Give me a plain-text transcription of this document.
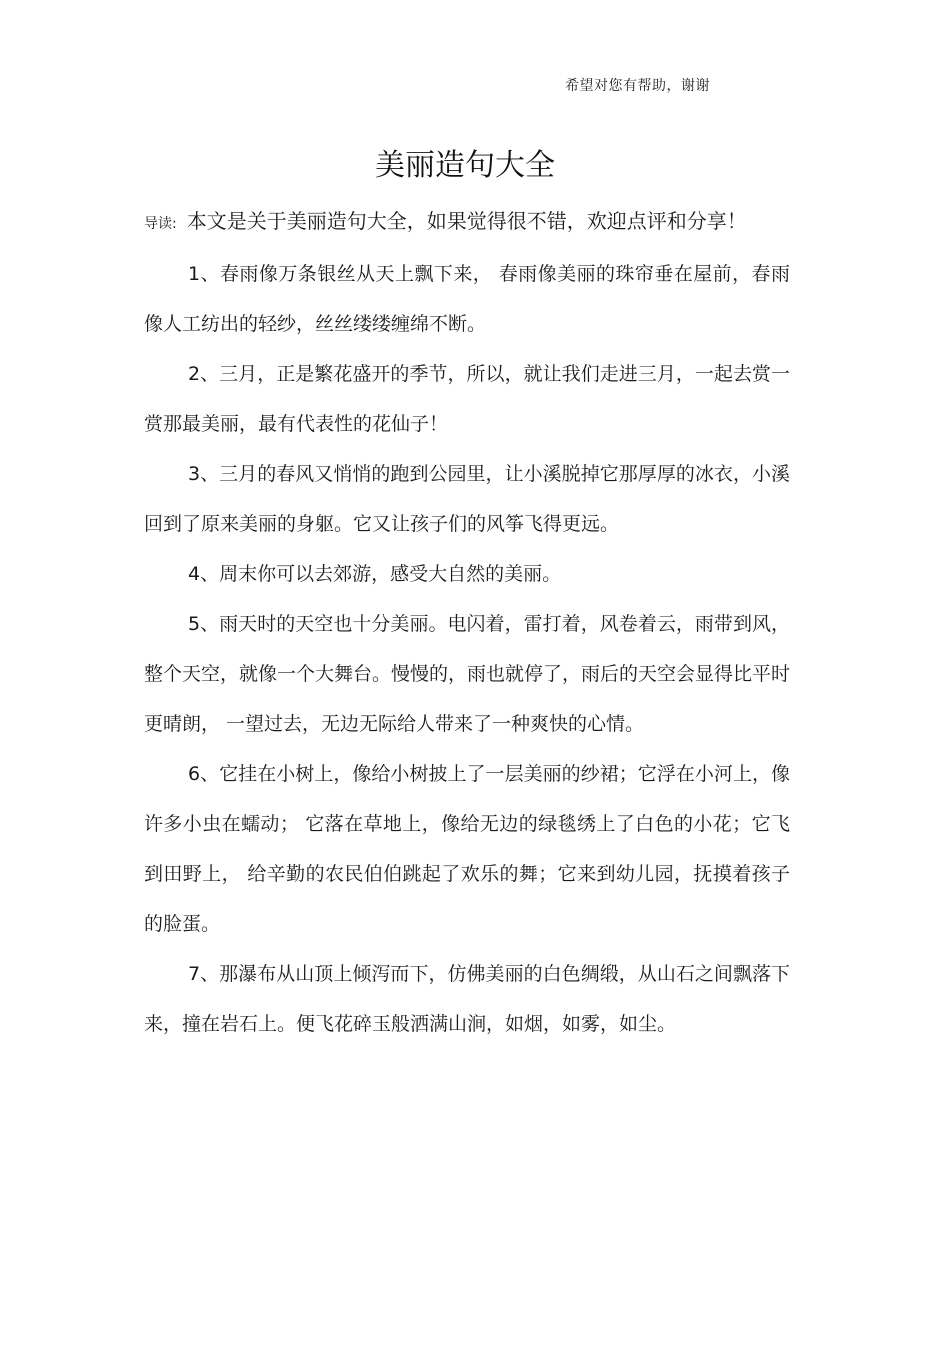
希望对您有帮助，谢谢
美丽造句大全

导读: 本文是关于美丽造句大全，如果觉得很不错，欢迎点评和分享！

1、春雨像万条银丝从天上飘下来， 春雨像美丽的珠帘垂在屋前，春雨像人工纺出的轻纱，丝丝缕缕缠绵不断。

2、三月，正是繁花盛开的季节，所以，就让我们走进三月，一起去赏一赏那最美丽，最有代表性的花仙子！

3、三月的春风又悄悄的跑到公园里，让小溪脱掉它那厚厚的冰衣，小溪回到了原来美丽的身躯。它又让孩子们的风筝飞得更远。

4、周末你可以去郊游，感受大自然的美丽。

5、雨天时的天空也十分美丽。电闪着，雷打着，风卷着云，雨带到风，整个天空，就像一个大舞台。慢慢的，雨也就停了，雨后的天空会显得比平时更晴朗， 一望过去，无边无际给人带来了一种爽快的心情。

6、它挂在小树上，像给小树披上了一层美丽的纱裙；它浮在小河上，像许多小虫在蠕动； 它落在草地上，像给无边的绿毯绣上了白色的小花；它飞到田野上， 给辛勤的农民伯伯跳起了欢乐的舞；它来到幼儿园，抚摸着孩子的脸蛋。

7、那瀑布从山顶上倾泻而下，仿佛美丽的白色绸缎，从山石之间飘落下来，撞在岩石上。便飞花碎玉般洒满山涧，如烟，如雾，如尘。
